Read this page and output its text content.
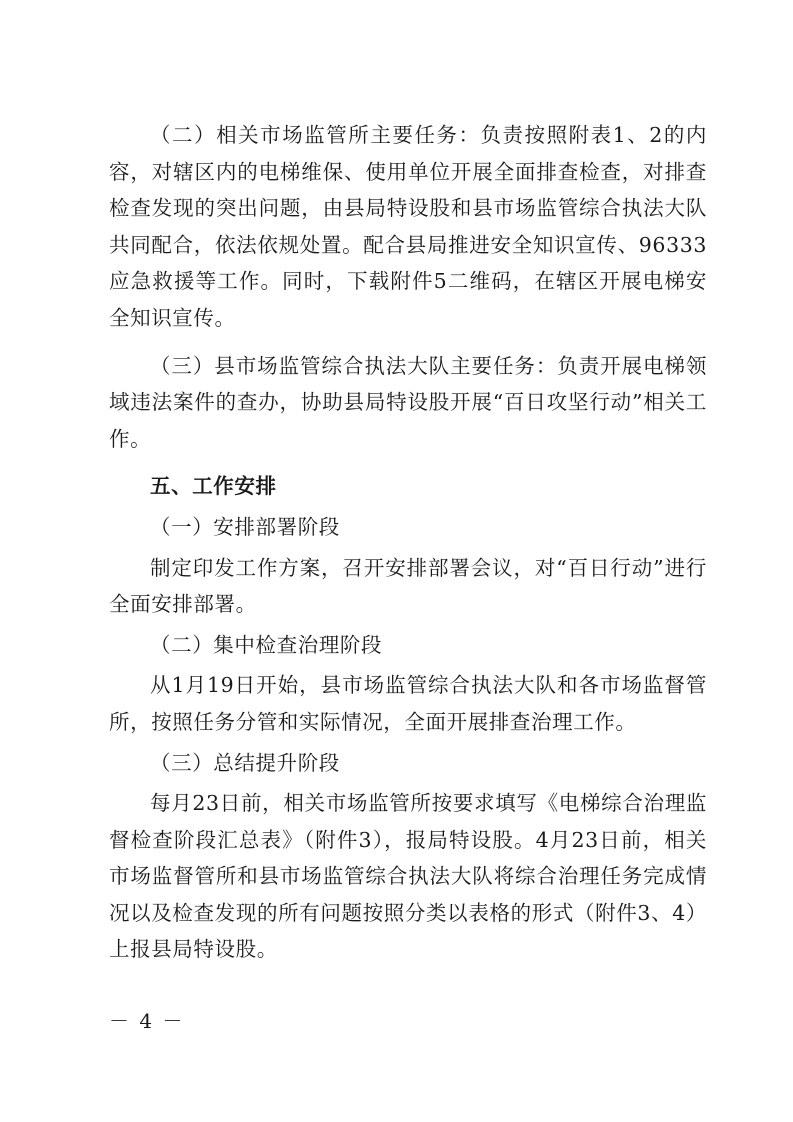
（二）相关市场监管所主要任务：负责按照附表1、2的内容，对辖区内的电梯维保、使用单位开展全面排查检查，对排查检查发现的突出问题，由县局特设股和县市场监管综合执法大队共同配合，依法依规处置。配合县局推进安全知识宣传、96333应急救援等工作。同时，下载附件5二维码，在辖区开展电梯安全知识宣传。

（三）县市场监管综合执法大队主要任务：负责开展电梯领域违法案件的查办，协助县局特设股开展“百日攻坚行动”相关工作。

五、工作安排

（一）安排部署阶段

制定印发工作方案，召开安排部署会议，对“百日行动”进行全面安排部署。

（二）集中检查治理阶段

从1月19日开始，县市场监管综合执法大队和各市场监督管所，按照任务分管和实际情况，全面开展排查治理工作。

（三）总结提升阶段

每月23日前，相关市场监管所按要求填写《电梯综合治理监督检查阶段汇总表》（附件3），报局特设股。4月23日前，相关市场监督管所和县市场监管综合执法大队将综合治理任务完成情况以及检查发现的所有问题按照分类以表格的形式（附件3、4）上报县局特设股。

－ 4 －
